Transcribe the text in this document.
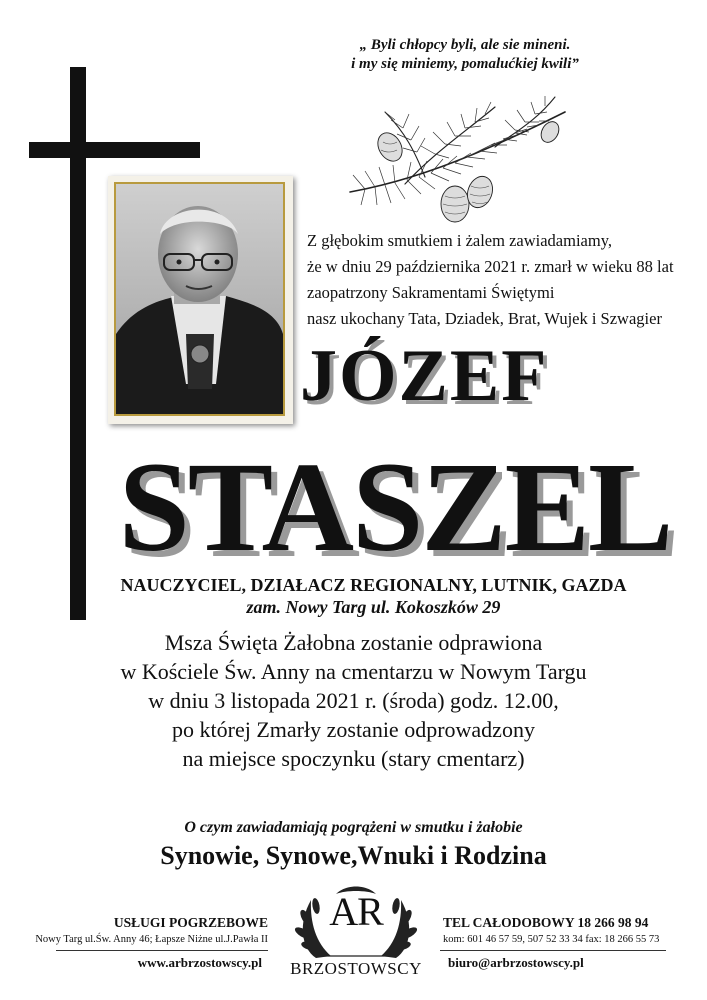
„ Byli chłopcy byli, ale sie mineni.
i my się miniemy, pomalućkiej kwili”
Z głębokim smutkiem i żalem zawiadamiamy,
że w dniu 29 października 2021 r. zmarł w wieku 88 lat
zaopatrzony Sakramentami Świętymi
nasz ukochany Tata, Dziadek, Brat, Wujek i Szwagier
JÓZEF
STASZEL
NAUCZYCIEL, DZIAŁACZ REGIONALNY, LUTNIK, GAZDA
zam. Nowy Targ ul. Kokoszków 29
Msza Święta Żałobna zostanie odprawiona
w Kościele Św. Anny na cmentarzu w Nowym Targu
w dniu 3 listopada 2021 r. (środa) godz. 12.00,
po której Zmarły zostanie odprowadzony
na miejsce spoczynku (stary cmentarz)
O czym zawiadamiają pogrążeni w smutku i żałobie
Synowie, Synowe,Wnuki i Rodzina
USŁUGI POGRZEBOWE
Nowy Targ ul.Św. Anny 46; Łapsze Niżne ul.J.Pawła II
www.arbrzostowscy.pl
AR
BRZOSTOWSCY
TEL CAŁODOBOWY 18 266 98 94
kom: 601 46 57 59, 507 52 33 34 fax: 18 266 55 73
biuro@arbrzostowscy.pl
